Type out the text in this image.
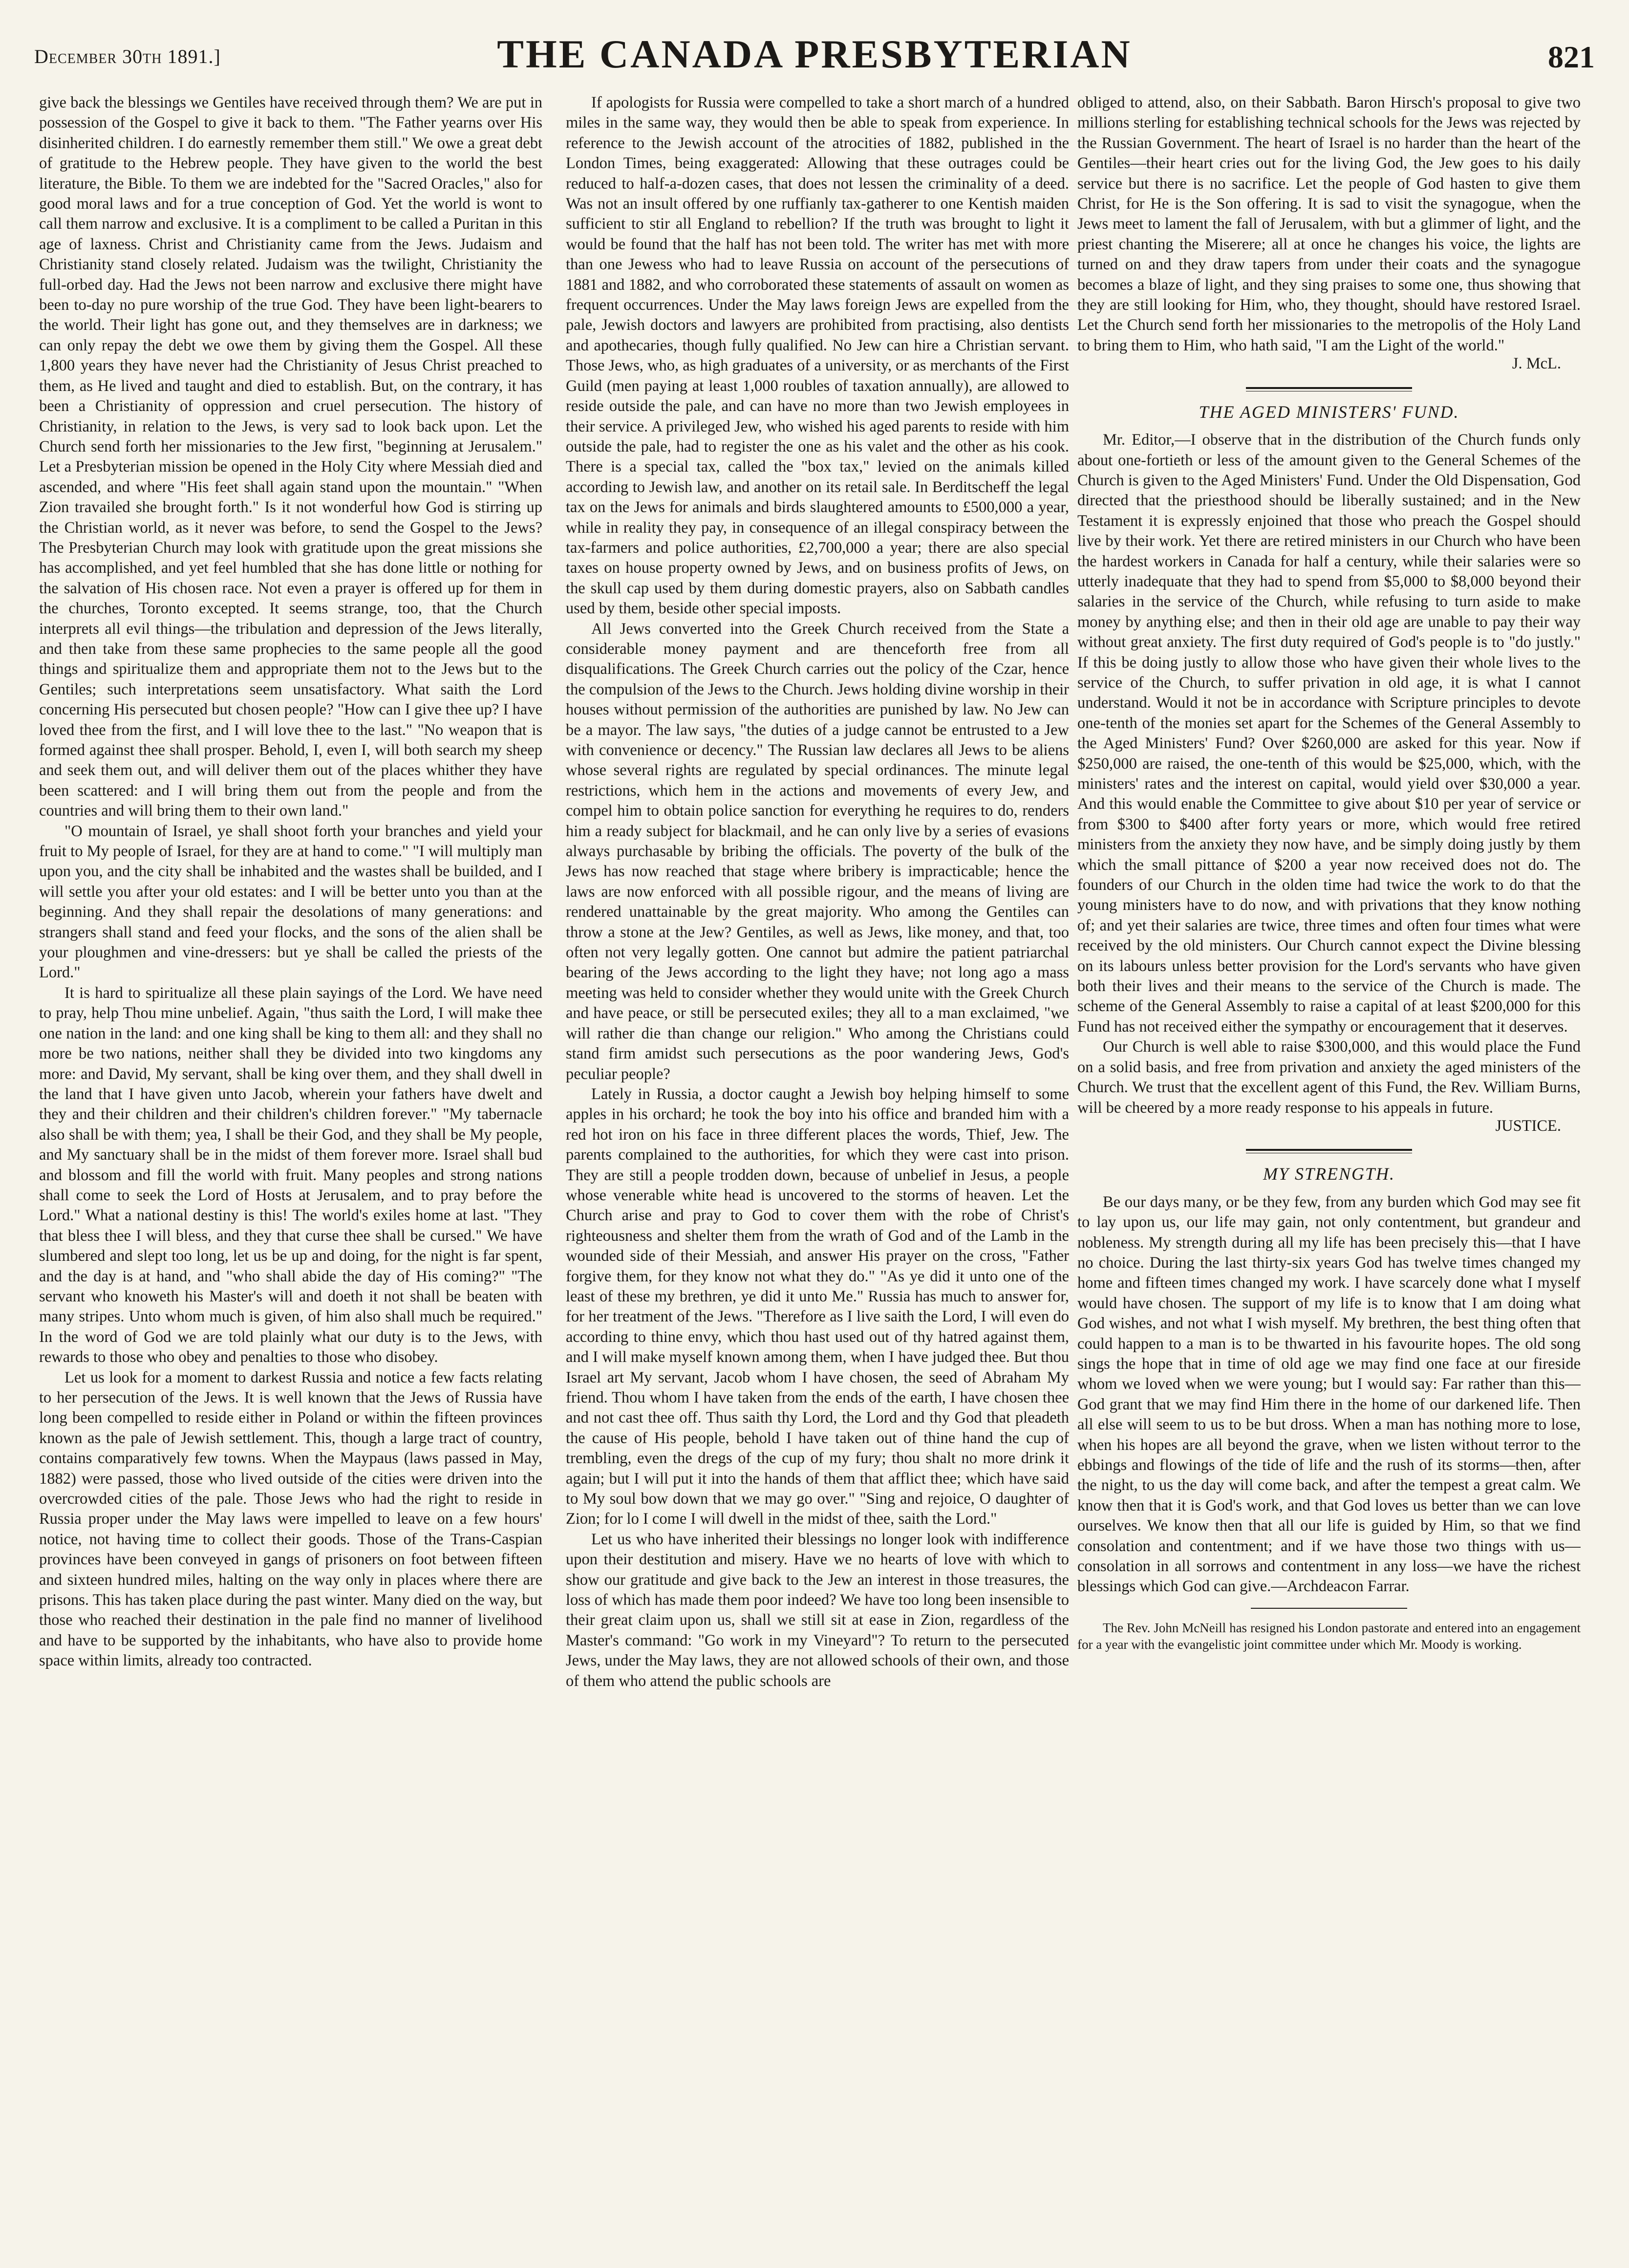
December 30th 1891.]	THE CANADA PRESBYTERIAN	821

give back the blessings we Gentiles have received through them? We are put in possession of the Gospel to give it back to them. "The Father yearns over His disinherited children. I do earnestly remember them still." We owe a great debt of gratitude to the Hebrew people. They have given to the world the best literature, the Bible. To them we are indebted for the "Sacred Oracles," also for good moral laws and for a true conception of God. Yet the world is wont to call them narrow and exclusive. It is a compliment to be called a Puritan in this age of laxness. Christ and Christianity came from the Jews. Judaism and Christianity stand closely related. Judaism was the twilight, Christianity the full-orbed day. Had the Jews not been narrow and exclusive there might have been to-day no pure worship of the true God. They have been light-bearers to the world. Their light has gone out, and they themselves are in darkness; we can only repay the debt we owe them by giving them the Gospel. All these 1,800 years they have never had the Christianity of Jesus Christ preached to them, as He lived and taught and died to establish. But, on the contrary, it has been a Christianity of oppression and cruel persecution. The history of Christianity, in relation to the Jews, is very sad to look back upon. Let the Church send forth her missionaries to the Jew first, "beginning at Jerusalem." Let a Presbyterian mission be opened in the Holy City where Messiah died and ascended, and where "His feet shall again stand upon the mountain." "When Zion travailed she brought forth." Is it not wonderful how God is stirring up the Christian world, as it never was before, to send the Gospel to the Jews? The Presbyterian Church may look with gratitude upon the great missions she has accomplished, and yet feel humbled that she has done little or nothing for the salvation of His chosen race. Not even a prayer is offered up for them in the churches, Toronto excepted. It seems strange, too, that the Church interprets all evil things—the tribulation and depression of the Jews literally, and then take from these same prophecies to the same people all the good things and spiritualize them and appropriate them not to the Jews but to the Gentiles; such interpretations seem unsatisfactory. What saith the Lord concerning His persecuted but chosen people? "How can I give thee up? I have loved thee from the first, and I will love thee to the last." "No weapon that is formed against thee shall prosper. Behold, I, even I, will both search my sheep and seek them out, and will deliver them out of the places whither they have been scattered: and I will bring them out from the people and from the countries and will bring them to their own land."

"O mountain of Israel, ye shall shoot forth your branches and yield your fruit to My people of Israel, for they are at hand to come." "I will multiply man upon you, and the city shall be inhabited and the wastes shall be builded, and I will settle you after your old estates: and I will be better unto you than at the beginning. And they shall repair the desolations of many generations: and strangers shall stand and feed your flocks, and the sons of the alien shall be your ploughmen and vine-dressers: but ye shall be called the priests of the Lord."

It is hard to spiritualize all these plain sayings of the Lord. We have need to pray, help Thou mine unbelief. Again, "thus saith the Lord, I will make thee one nation in the land: and one king shall be king to them all: and they shall no more be two nations, neither shall they be divided into two kingdoms any more: and David, My servant, shall be king over them, and they shall dwell in the land that I have given unto Jacob, wherein your fathers have dwelt and they and their children and their children's children forever." "My tabernacle also shall be with them; yea, I shall be their God, and they shall be My people, and My sanctuary shall be in the midst of them forever more. Israel shall bud and blossom and fill the world with fruit. Many peoples and strong nations shall come to seek the Lord of Hosts at Jerusalem, and to pray before the Lord." What a national destiny is this! The world's exiles home at last. "They that bless thee I will bless, and they that curse thee shall be cursed." We have slumbered and slept too long, let us be up and doing, for the night is far spent, and the day is at hand, and "who shall abide the day of His coming?" "The servant who knoweth his Master's will and doeth it not shall be beaten with many stripes. Unto whom much is given, of him also shall much be required." In the word of God we are told plainly what our duty is to the Jews, with rewards to those who obey and penalties to those who disobey.

Let us look for a moment to darkest Russia and notice a few facts relating to her persecution of the Jews. It is well known that the Jews of Russia have long been compelled to reside either in Poland or within the fifteen provinces known as the pale of Jewish settlement. This, though a large tract of country, contains comparatively few towns. When the Maypaus (laws passed in May, 1882) were passed, those who lived outside of the cities were driven into the overcrowded cities of the pale. Those Jews who had the right to reside in Russia proper under the May laws were impelled to leave on a few hours' notice, not having time to collect their goods. Those of the Trans-Caspian provinces have been conveyed in gangs of prisoners on foot between fifteen and sixteen hundred miles, halting on the way only in places where there are prisons. This has taken place during the past winter. Many died on the way, but those who reached their destination in the pale find no manner of livelihood and have to be supported by the inhabitants, who have also to provide home space within limits, already too contracted.

If apologists for Russia were compelled to take a short march of a hundred miles in the same way, they would then be able to speak from experience. In reference to the Jewish account of the atrocities of 1882, published in the London Times, being exaggerated: Allowing that these outrages could be reduced to half-a-dozen cases, that does not lessen the criminality of a deed. Was not an insult offered by one ruffianly tax-gatherer to one Kentish maiden sufficient to stir all England to rebellion? If the truth was brought to light it would be found that the half has not been told. The writer has met with more than one Jewess who had to leave Russia on account of the persecutions of 1881 and 1882, and who corroborated these statements of assault on women as frequent occurrences. Under the May laws foreign Jews are expelled from the pale, Jewish doctors and lawyers are prohibited from practising, also dentists and apothecaries, though fully qualified. No Jew can hire a Christian servant. Those Jews, who, as high graduates of a university, or as merchants of the First Guild (men paying at least 1,000 roubles of taxation annually), are allowed to reside outside the pale, and can have no more than two Jewish employees in their service. A privileged Jew, who wished his aged parents to reside with him outside the pale, had to register the one as his valet and the other as his cook. There is a special tax, called the "box tax," levied on the animals killed according to Jewish law, and another on its retail sale. In Berditscheff the legal tax on the Jews for animals and birds slaughtered amounts to £500,000 a year, while in reality they pay, in consequence of an illegal conspiracy between the tax-farmers and police authorities, £2,700,000 a year; there are also special taxes on house property owned by Jews, and on business profits of Jews, on the skull cap used by them during domestic prayers, also on Sabbath candles used by them, beside other special imposts.

All Jews converted into the Greek Church received from the State a considerable money payment and are thenceforth free from all disqualifications. The Greek Church carries out the policy of the Czar, hence the compulsion of the Jews to the Church. Jews holding divine worship in their houses without permission of the authorities are punished by law. No Jew can be a mayor. The law says, "the duties of a judge cannot be entrusted to a Jew with convenience or decency." The Russian law declares all Jews to be aliens whose several rights are regulated by special ordinances. The minute legal restrictions, which hem in the actions and movements of every Jew, and compel him to obtain police sanction for everything he requires to do, renders him a ready subject for blackmail, and he can only live by a series of evasions always purchasable by bribing the officials. The poverty of the bulk of the Jews has now reached that stage where bribery is impracticable; hence the laws are now enforced with all possible rigour, and the means of living are rendered unattainable by the great majority. Who among the Gentiles can throw a stone at the Jew? Gentiles, as well as Jews, like money, and that, too often not very legally gotten. One cannot but admire the patient patriarchal bearing of the Jews according to the light they have; not long ago a mass meeting was held to consider whether they would unite with the Greek Church and have peace, or still be persecuted exiles; they all to a man exclaimed, "we will rather die than change our religion." Who among the Christians could stand firm amidst such persecutions as the poor wandering Jews, God's peculiar people?

Lately in Russia, a doctor caught a Jewish boy helping himself to some apples in his orchard; he took the boy into his office and branded him with a red hot iron on his face in three different places the words, Thief, Jew. The parents complained to the authorities, for which they were cast into prison. They are still a people trodden down, because of unbelief in Jesus, a people whose venerable white head is uncovered to the storms of heaven. Let the Church arise and pray to God to cover them with the robe of Christ's righteousness and shelter them from the wrath of God and of the Lamb in the wounded side of their Messiah, and answer His prayer on the cross, "Father forgive them, for they know not what they do." "As ye did it unto one of the least of these my brethren, ye did it unto Me." Russia has much to answer for, for her treatment of the Jews. "Therefore as I live saith the Lord, I will even do according to thine envy, which thou hast used out of thy hatred against them, and I will make myself known among them, when I have judged thee. But thou Israel art My servant, Jacob whom I have chosen, the seed of Abraham My friend. Thou whom I have taken from the ends of the earth, I have chosen thee and not cast thee off. Thus saith thy Lord, the Lord and thy God that pleadeth the cause of His people, behold I have taken out of thine hand the cup of trembling, even the dregs of the cup of my fury; thou shalt no more drink it again; but I will put it into the hands of them that afflict thee; which have said to My soul bow down that we may go over." "Sing and rejoice, O daughter of Zion; for lo I come I will dwell in the midst of thee, saith the Lord."

Let us who have inherited their blessings no longer look with indifference upon their destitution and misery. Have we no hearts of love with which to show our gratitude and give back to the Jew an interest in those treasures, the loss of which has made them poor indeed? We have too long been insensible to their great claim upon us, shall we still sit at ease in Zion, regardless of the Master's command: "Go work in my Vineyard"? To return to the persecuted Jews, under the May laws, they are not allowed schools of their own, and those of them who attend the public schools are

obliged to attend, also, on their Sabbath. Baron Hirsch's proposal to give two millions sterling for establishing technical schools for the Jews was rejected by the Russian Government. The heart of Israel is no harder than the heart of the Gentiles—their heart cries out for the living God, the Jew goes to his daily service but there is no sacrifice. Let the people of God hasten to give them Christ, for He is the Son offering. It is sad to visit the synagogue, when the Jews meet to lament the fall of Jerusalem, with but a glimmer of light, and the priest chanting the Miserere; all at once he changes his voice, the lights are turned on and they draw tapers from under their coats and the synagogue becomes a blaze of light, and they sing praises to some one, thus showing that they are still looking for Him, who, they thought, should have restored Israel. Let the Church send forth her missionaries to the metropolis of the Holy Land to bring them to Him, who hath said, "I am the Light of the world."

J. McL.
THE AGED MINISTERS' FUND.

Mr. Editor,—I observe that in the distribution of the Church funds only about one-fortieth or less of the amount given to the General Schemes of the Church is given to the Aged Ministers' Fund. Under the Old Dispensation, God directed that the priesthood should be liberally sustained; and in the New Testament it is expressly enjoined that those who preach the Gospel should live by their work. Yet there are retired ministers in our Church who have been the hardest workers in Canada for half a century, while their salaries were so utterly inadequate that they had to spend from $5,000 to $8,000 beyond their salaries in the service of the Church, while refusing to turn aside to make money by anything else; and then in their old age are unable to pay their way without great anxiety. The first duty required of God's people is to "do justly." If this be doing justly to allow those who have given their whole lives to the service of the Church, to suffer privation in old age, it is what I cannot understand. Would it not be in accordance with Scripture principles to devote one-tenth of the monies set apart for the Schemes of the General Assembly to the Aged Ministers' Fund? Over $260,000 are asked for this year. Now if $250,000 are raised, the one-tenth of this would be $25,000, which, with the ministers' rates and the interest on capital, would yield over $30,000 a year. And this would enable the Committee to give about $10 per year of service or from $300 to $400 after forty years or more, which would free retired ministers from the anxiety they now have, and be simply doing justly by them which the small pittance of $200 a year now received does not do. The founders of our Church in the olden time had twice the work to do that the young ministers have to do now, and with privations that they know nothing of; and yet their salaries are twice, three times and often four times what were received by the old ministers. Our Church cannot expect the Divine blessing on its labours unless better provision for the Lord's servants who have given both their lives and their means to the service of the Church is made. The scheme of the General Assembly to raise a capital of at least $200,000 for this Fund has not received either the sympathy or encouragement that it deserves.

Our Church is well able to raise $300,000, and this would place the Fund on a solid basis, and free from privation and anxiety the aged ministers of the Church. We trust that the excellent agent of this Fund, the Rev. William Burns, will be cheered by a more ready response to his appeals in future.

JUSTICE.
MY STRENGTH.

Be our days many, or be they few, from any burden which God may see fit to lay upon us, our life may gain, not only contentment, but grandeur and nobleness. My strength during all my life has been precisely this—that I have no choice. During the last thirty-six years God has twelve times changed my home and fifteen times changed my work. I have scarcely done what I myself would have chosen. The support of my life is to know that I am doing what God wishes, and not what I wish myself. My brethren, the best thing often that could happen to a man is to be thwarted in his favourite hopes. The old song sings the hope that in time of old age we may find one face at our fireside whom we loved when we were young; but I would say: Far rather than this—God grant that we may find Him there in the home of our darkened life. Then all else will seem to us to be but dross. When a man has nothing more to lose, when his hopes are all beyond the grave, when we listen without terror to the ebbings and flowings of the tide of life and the rush of its storms—then, after the night, to us the day will come back, and after the tempest a great calm. We know then that it is God's work, and that God loves us better than we can love ourselves. We know then that all our life is guided by Him, so that we find consolation and contentment; and if we have those two things with us—consolation in all sorrows and contentment in any loss—we have the richest blessings which God can give.—Archdeacon Farrar.

The Rev. John McNeill has resigned his London pastorate and entered into an engagement for a year with the evangelistic joint committee under which Mr. Moody is working.
